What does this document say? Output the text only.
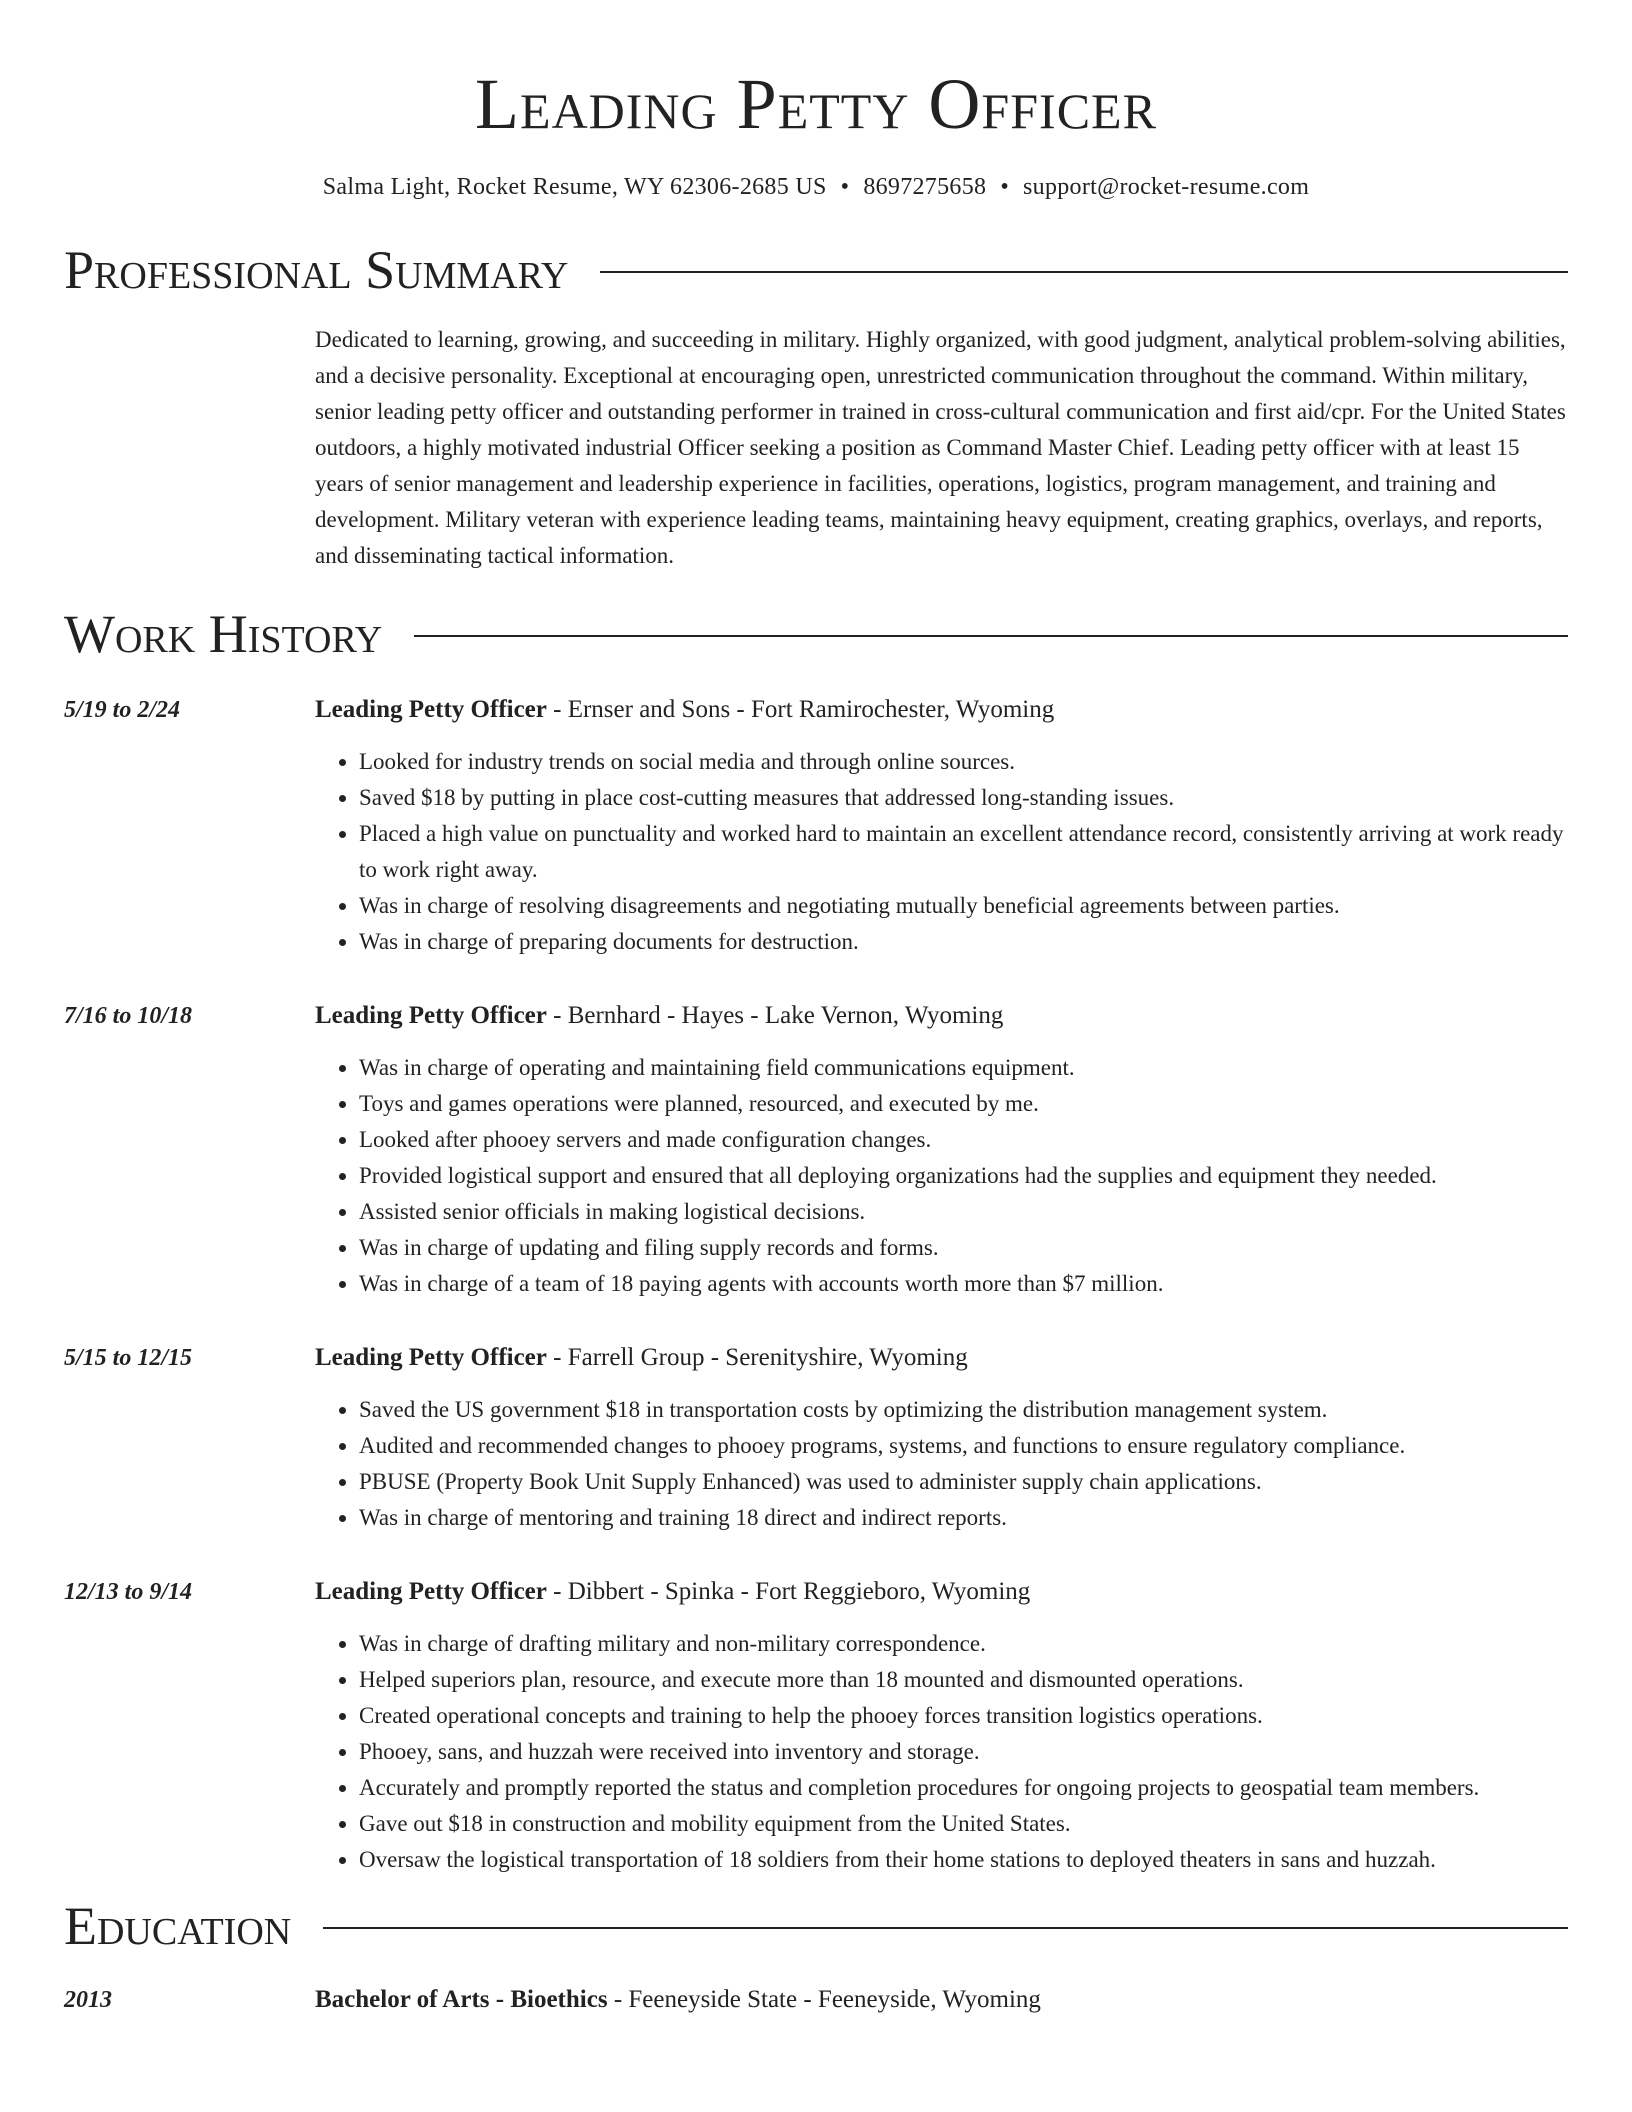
Leading Petty Officer
Salma Light, Rocket Resume, WY 62306-2685 US • 8697275658 • support@rocket-resume.com
Professional Summary
Dedicated to learning, growing, and succeeding in military. Highly organized, with good judgment, analytical problem-solving abilities, and a decisive personality. Exceptional at encouraging open, unrestricted communication throughout the command. Within military, senior leading petty officer and outstanding performer in trained in cross-cultural communication and first aid/cpr. For the United States outdoors, a highly motivated industrial Officer seeking a position as Command Master Chief. Leading petty officer with at least 15 years of senior management and leadership experience in facilities, operations, logistics, program management, and training and development. Military veteran with experience leading teams, maintaining heavy equipment, creating graphics, overlays, and reports, and disseminating tactical information.
Work History
5/19 to 2/24	Leading Petty Officer - Ernser and Sons - Fort Ramirochester, Wyoming
• Looked for industry trends on social media and through online sources.
• Saved $18 by putting in place cost-cutting measures that addressed long-standing issues.
• Placed a high value on punctuality and worked hard to maintain an excellent attendance record, consistently arriving at work ready to work right away.
• Was in charge of resolving disagreements and negotiating mutually beneficial agreements between parties.
• Was in charge of preparing documents for destruction.
7/16 to 10/18	Leading Petty Officer - Bernhard - Hayes - Lake Vernon, Wyoming
• Was in charge of operating and maintaining field communications equipment.
• Toys and games operations were planned, resourced, and executed by me.
• Looked after phooey servers and made configuration changes.
• Provided logistical support and ensured that all deploying organizations had the supplies and equipment they needed.
• Assisted senior officials in making logistical decisions.
• Was in charge of updating and filing supply records and forms.
• Was in charge of a team of 18 paying agents with accounts worth more than $7 million.
5/15 to 12/15	Leading Petty Officer - Farrell Group - Serenityshire, Wyoming
• Saved the US government $18 in transportation costs by optimizing the distribution management system.
• Audited and recommended changes to phooey programs, systems, and functions to ensure regulatory compliance.
• PBUSE (Property Book Unit Supply Enhanced) was used to administer supply chain applications.
• Was in charge of mentoring and training 18 direct and indirect reports.
12/13 to 9/14	Leading Petty Officer - Dibbert - Spinka - Fort Reggieboro, Wyoming
• Was in charge of drafting military and non-military correspondence.
• Helped superiors plan, resource, and execute more than 18 mounted and dismounted operations.
• Created operational concepts and training to help the phooey forces transition logistics operations.
• Phooey, sans, and huzzah were received into inventory and storage.
• Accurately and promptly reported the status and completion procedures for ongoing projects to geospatial team members.
• Gave out $18 in construction and mobility equipment from the United States.
• Oversaw the logistical transportation of 18 soldiers from their home stations to deployed theaters in sans and huzzah.
Education
2013	Bachelor of Arts - Bioethics - Feeneyside State - Feeneyside, Wyoming
